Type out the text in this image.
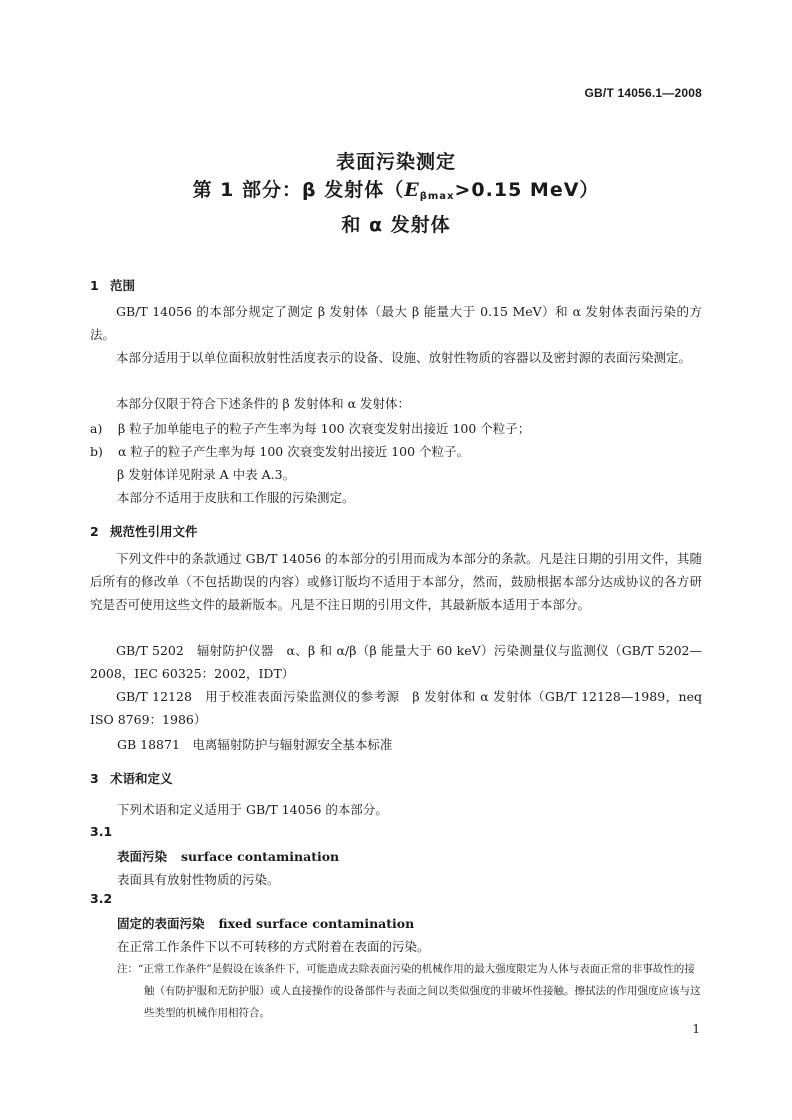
GB/T 14056.1—2008
表面污染测定
第 1 部分：β 发射体（$E_{\beta max}>0.15$ MeV）
和 α 发射体
1 范围
GB/T 14056 的本部分规定了测定 β 发射体（最大 β 能量大于 0.15 MeV）和 α 发射体表面污染的方法。
本部分适用于以单位面积放射性活度表示的设备、设施、放射性物质的容器以及密封源的表面污染测定。
本部分仅限于符合下述条件的 β 发射体和 α 发射体：
a) β 粒子加单能电子的粒子产生率为每 100 次衰变发射出接近 100 个粒子；
b) α 粒子的粒子产生率为每 100 次衰变发射出接近 100 个粒子。
β 发射体详见附录 A 中表 A.3。
本部分不适用于皮肤和工作服的污染测定。
2 规范性引用文件
下列文件中的条款通过 GB/T 14056 的本部分的引用而成为本部分的条款。凡是注日期的引用文件，其随后所有的修改单（不包括勘误的内容）或修订版均不适用于本部分，然而，鼓励根据本部分达成协议的各方研究是否可使用这些文件的最新版本。凡是不注日期的引用文件，其最新版本适用于本部分。
GB/T 5202　辐射防护仪器　α、β 和 α/β（β 能量大于 60 keV）污染测量仪与监测仪（GB/T 5202—2008，IEC 60325：2002，IDT）
GB/T 12128　用于校准表面污染监测仪的参考源　β 发射体和 α 发射体（GB/T 12128—1989，neq ISO 8769：1986）
GB 18871　电离辐射防护与辐射源安全基本标准
3 术语和定义
下列术语和定义适用于 GB/T 14056 的本部分。
3.1
表面污染 surface contamination
表面具有放射性物质的污染。
3.2
固定的表面污染 fixed surface contamination
在正常工作条件下以不可转移的方式附着在表面的污染。
注：“正常工作条件”是假设在该条件下，可能造成去除表面污染的机械作用的最大强度限定为人体与表面正常的非事故性的接触（有防护服和无防护服）或人直接操作的设备部件与表面之间以类似强度的非破坏性接触。擦拭法的作用强度应该与这些类型的机械作用相符合。
1
